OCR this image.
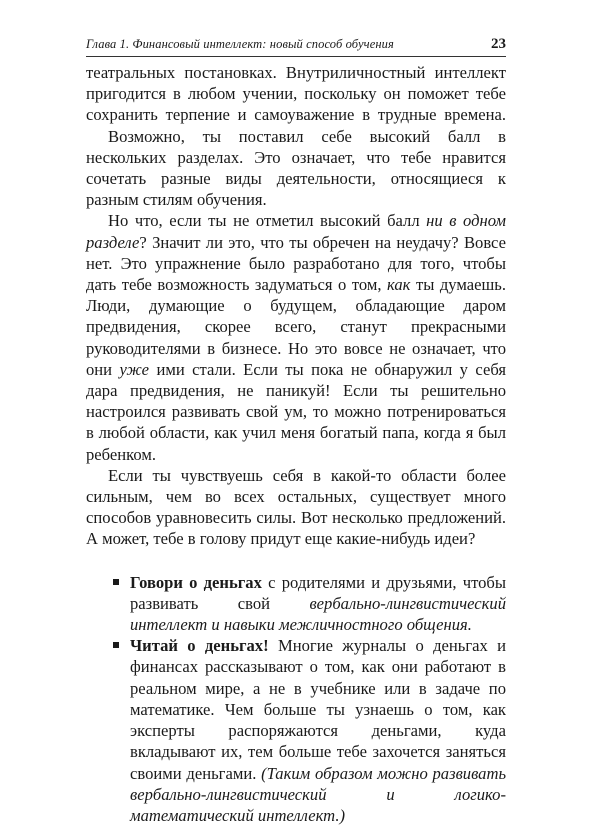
Глава 1. Финансовый интеллект: новый способ обучения	23

театральных постановках. Внутриличностный интеллект пригодится в любом учении, поскольку он поможет тебе сохранить терпение и самоуважение в трудные времена.

Возможно, ты поставил себе высокий балл в нескольких разделах. Это означает, что тебе нравится сочетать разные виды деятельности, относящиеся к разным стилям обучения.

Но что, если ты не отметил высокий балл ни в одном разделе? Значит ли это, что ты обречен на неудачу? Вовсе нет. Это упражнение было разработано для того, чтобы дать тебе возможность задуматься о том, как ты думаешь. Люди, думающие о будущем, обладающие даром предвидения, скорее всего, станут прекрасными руководителями в бизнесе. Но это вовсе не означает, что они уже ими стали. Если ты пока не обнаружил у себя дара предвидения, не паникуй! Если ты решительно настроился развивать свой ум, то можно потренироваться в любой области, как учил меня богатый папа, когда я был ребенком.

Если ты чувствуешь себя в какой-то области более сильным, чем во всех остальных, существует много способов уравновесить силы. Вот несколько предложений. А может, тебе в голову придут еще какие-нибудь идеи?

Говори о деньгах с родителями и друзьями, чтобы развивать свой вербально-лингвистический интеллект и навыки межличностного общения.
Читай о деньгах! Многие журналы о деньгах и финансах рассказывают о том, как они работают в реальном мире, а не в учебнике или в задаче по математике. Чем больше ты узнаешь о том, как эксперты распоряжаются деньгами, куда вкладывают их, тем больше тебе захочется заняться своими деньгами. (Таким образом можно развивать вербально-лингвистический и логико-математический интеллект.)
